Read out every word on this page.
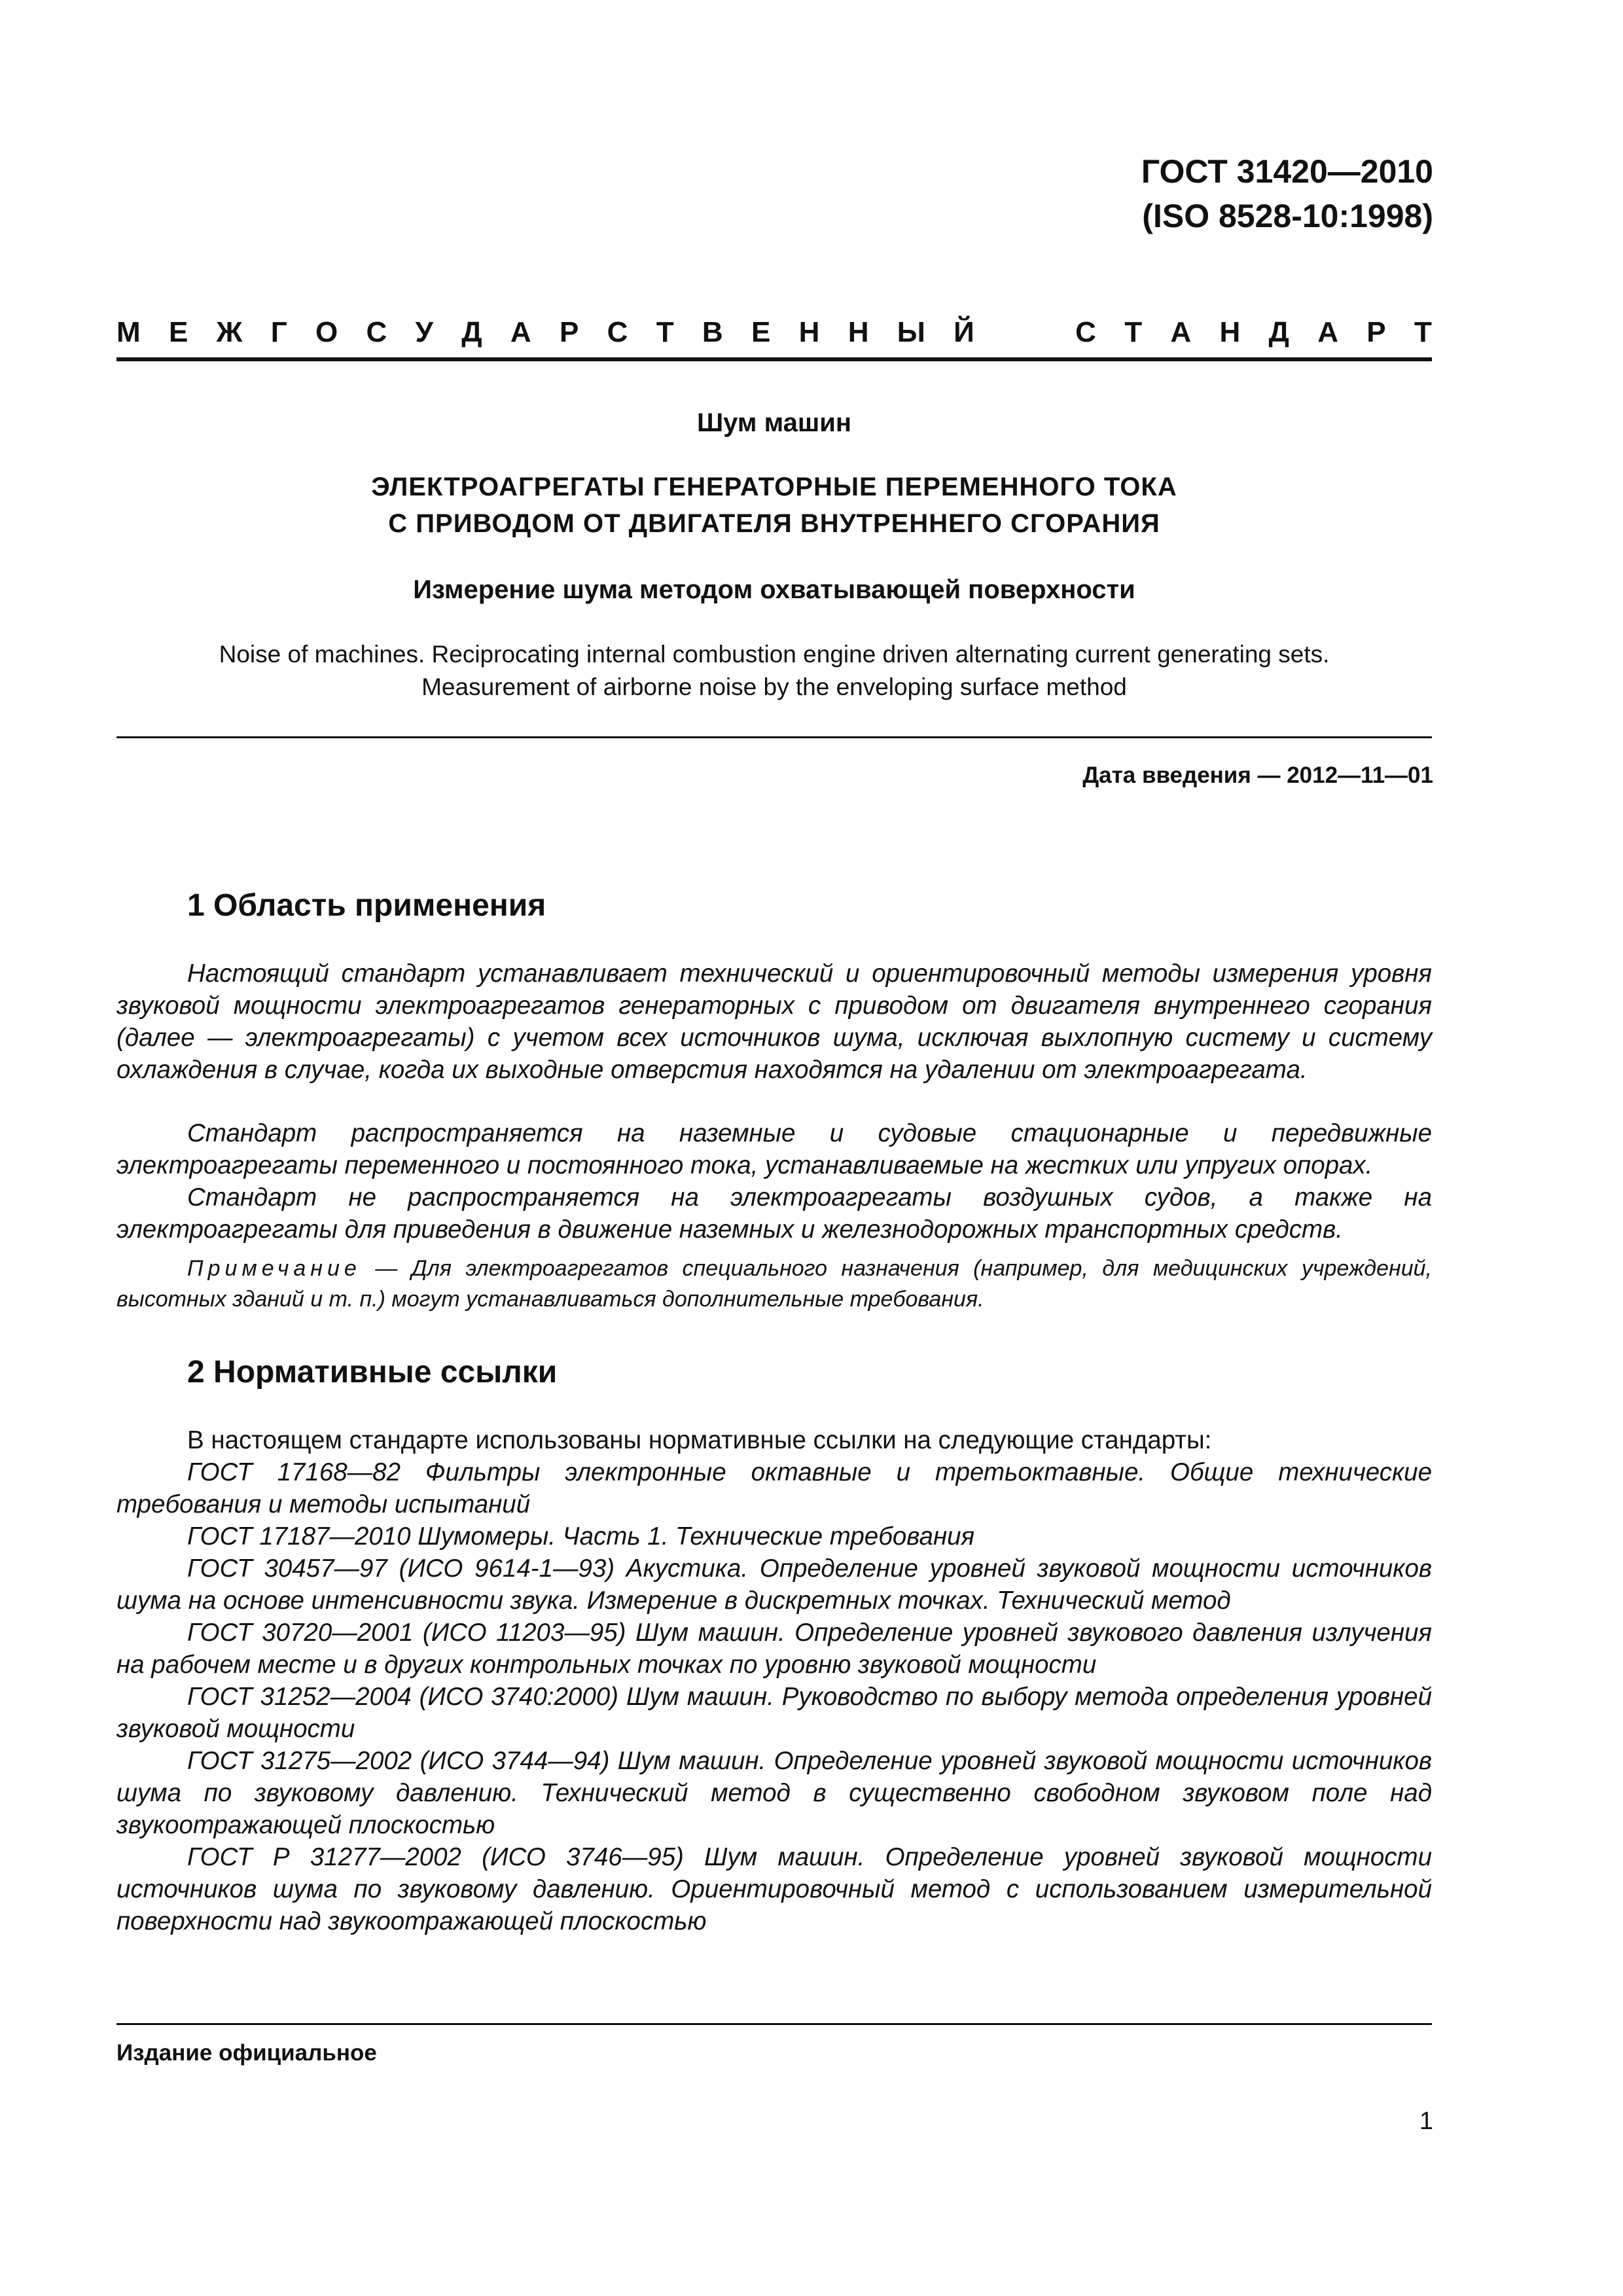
ГОСТ 31420—2010
(ISO 8528-10:1998)
М Е Ж Г О С У Д А Р С Т В Е Н Н Ы Й

	С Т А Н Д А Р Т
Шум машин
ЭЛЕКТРОАГРЕГАТЫ ГЕНЕРАТОРНЫЕ ПЕРЕМЕННОГО ТОКА
С ПРИВОДОМ ОТ ДВИГАТЕЛЯ ВНУТРЕННЕГО СГОРАНИЯ
Измерение шума методом охватывающей поверхности
Noise of machines. Reciprocating internal combustion engine driven alternating current generating sets.
Measurement of airborne noise by the enveloping surface method
Дата введения — 2012—11—01
1 Область применения

Настоящий стандарт устанавливает технический и ориентировочный методы измерения уровня звуковой мощности электроагрегатов генераторных с приводом от двигателя внутреннего сгорания (далее — электроагрегаты) с учетом всех источников шума, исключая выхлопную систему и систему охлаждения в случае, когда их выходные отверстия находятся на удалении от электроагрегата.

Стандарт распространяется на наземные и судовые стационарные и передвижные электроагрегаты переменного и постоянного тока, устанавливаемые на жестких или упругих опорах.

Стандарт не распространяется на электроагрегаты воздушных судов, а также на электроагрегаты для приведения в движение наземных и железнодорожных транспортных средств.

Примечание — Для электроагрегатов специального назначения (например, для медицинских учреждений, высотных зданий и т. п.) могут устанавливаться дополнительные требования.

2 Нормативные ссылки

В настоящем стандарте использованы нормативные ссылки на следующие стандарты:

ГОСТ 17168—82 Фильтры электронные октавные и третьоктавные. Общие технические требования и методы испытаний

ГОСТ 17187—2010 Шумомеры. Часть 1. Технические требования

ГОСТ 30457—97 (ИСО 9614-1—93) Акустика. Определение уровней звуковой мощности источников шума на основе интенсивности звука. Измерение в дискретных точках. Технический метод

ГОСТ 30720—2001 (ИСО 11203—95) Шум машин. Определение уровней звукового давления излучения на рабочем месте и в других контрольных точках по уровню звуковой мощности

ГОСТ 31252—2004 (ИСО 3740:2000) Шум машин. Руководство по выбору метода определения уровней звуковой мощности

ГОСТ 31275—2002 (ИСО 3744—94) Шум машин. Определение уровней звуковой мощности источников шума по звуковому давлению. Технический метод в существенно свободном звуковом поле над звукоотражающей плоскостью

ГОСТ Р 31277—2002 (ИСО 3746—95) Шум машин. Определение уровней звуковой мощности источников шума по звуковому давлению. Ориентировочный метод с использованием измерительной поверхности над звукоотражающей плоскостью

Издание официальное
1
